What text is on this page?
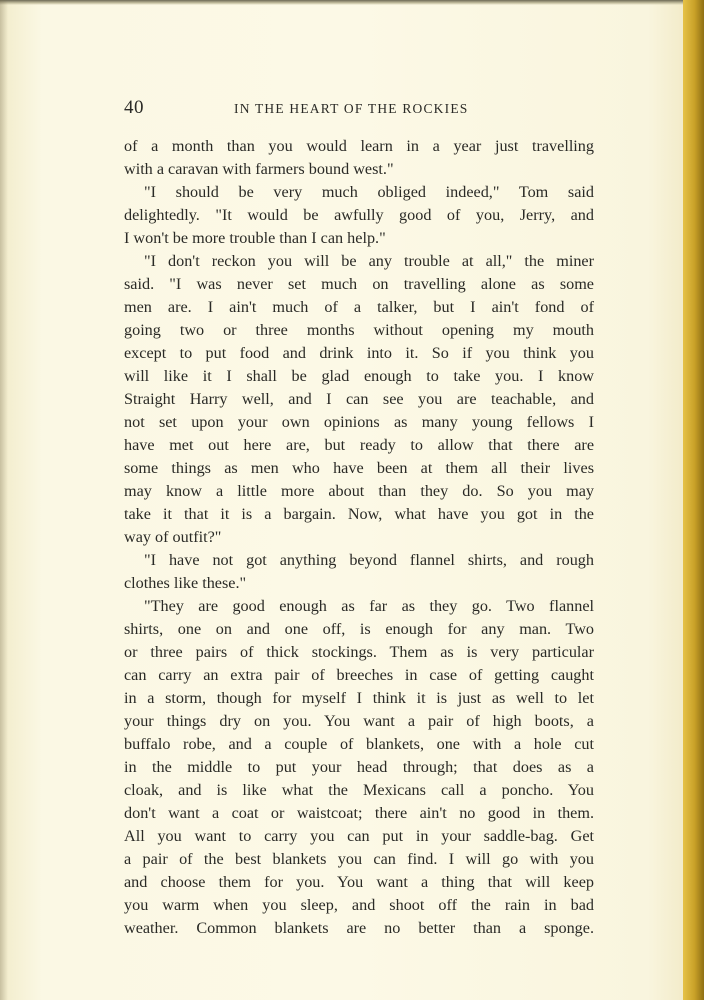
40	IN THE HEART OF THE ROCKIES
of a month than you would learn in a year just travelling
with a caravan with farmers bound west."
"I should be very much obliged indeed," Tom said
delightedly. "It would be awfully good of you, Jerry, and
I won't be more trouble than I can help."
"I don't reckon you will be any trouble at all," the miner
said. "I was never set much on travelling alone as some
men are. I ain't much of a talker, but I ain't fond of
going two or three months without opening my mouth
except to put food and drink into it. So if you think you
will like it I shall be glad enough to take you. I know
Straight Harry well, and I can see you are teachable, and
not set upon your own opinions as many young fellows I
have met out here are, but ready to allow that there are
some things as men who have been at them all their lives
may know a little more about than they do. So you may
take it that it is a bargain. Now, what have you got in the
way of outfit?"
"I have not got anything beyond flannel shirts, and rough
clothes like these."
"They are good enough as far as they go. Two flannel
shirts, one on and one off, is enough for any man. Two
or three pairs of thick stockings. Them as is very particular
can carry an extra pair of breeches in case of getting caught
in a storm, though for myself I think it is just as well to let
your things dry on you. You want a pair of high boots, a
buffalo robe, and a couple of blankets, one with a hole cut
in the middle to put your head through; that does as a
cloak, and is like what the Mexicans call a poncho. You
don't want a coat or waistcoat; there ain't no good in them.
All you want to carry you can put in your saddle-bag. Get
a pair of the best blankets you can find. I will go with you
and choose them for you. You want a thing that will keep
you warm when you sleep, and shoot off the rain in bad
weather. Common blankets are no better than a sponge.
